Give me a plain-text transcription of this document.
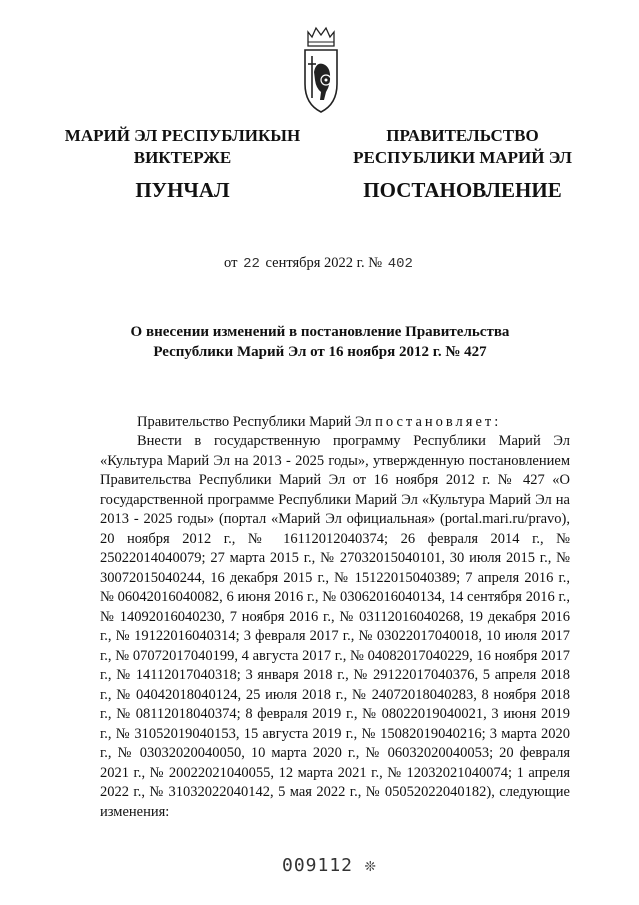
МАРИЙ ЭЛ РЕСПУБЛИКЫН
ВИКТЕРЖЕ
ПУНЧАЛ
ПРАВИТЕЛЬСТВО
РЕСПУБЛИКИ МАРИЙ ЭЛ
ПОСТАНОВЛЕНИЕ
от 22 сентября 2022 г. № 402
О внесении изменений в постановление Правительства
Республики Марий Эл от 16 ноября 2012 г. № 427
Правительство Республики Марий Эл постановляет:
Внести в государственную программу Республики Марий Эл «Культура Марий Эл на 2013 - 2025 годы», утвержденную постановлением Правительства Республики Марий Эл от 16 ноября 2012 г. № 427 «О государственной программе Республики Марий Эл «Культура Марий Эл на 2013 - 2025 годы» (портал «Марий Эл официальная» (portal.mari.ru/pravo), 20 ноября 2012 г., № 16112012040374; 26 февраля 2014 г., № 25022014040079; 27 марта 2015 г., № 27032015040101, 30 июля 2015 г., № 30072015040244, 16 декабря 2015 г., № 15122015040389; 7 апреля 2016 г., № 06042016040082, 6 июня 2016 г., № 03062016040134, 14 сентября 2016 г., № 14092016040230, 7 ноября 2016 г., № 03112016040268, 19 декабря 2016 г., № 19122016040314; 3 февраля 2017 г., № 03022017040018, 10 июля 2017 г., № 07072017040199, 4 августа 2017 г., № 04082017040229, 16 ноября 2017 г., № 14112017040318; 3 января 2018 г., № 29122017040376, 5 апреля 2018 г., № 04042018040124, 25 июля 2018 г., № 24072018040283, 8 ноября 2018 г., № 08112018040374; 8 февраля 2019 г., № 08022019040021, 3 июня 2019 г., № 31052019040153, 15 августа 2019 г., № 15082019040216; 3 марта 2020 г., № 03032020040050, 10 марта 2020 г., № 06032020040053; 20 февраля 2021 г., № 20022021040055, 12 марта 2021 г., № 12032021040074; 1 апреля 2022 г., № 31032022040142, 5 мая 2022 г., № 05052022040182), следующие изменения:
009112 ❊
